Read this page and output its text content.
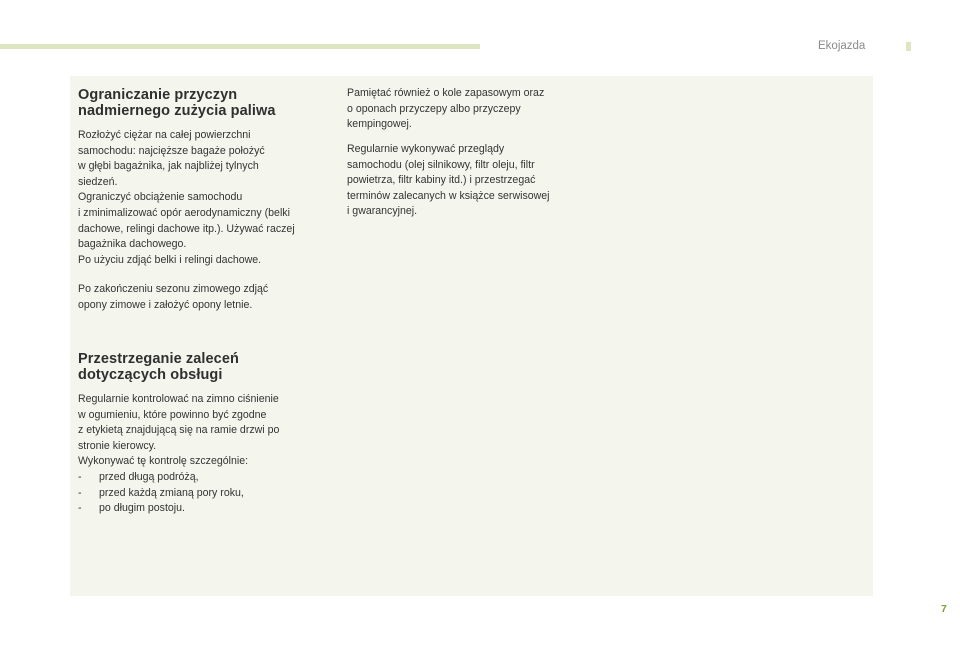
Ekojazda
Ograniczanie przyczyn
nadmiernego zużycia paliwa

Rozłożyć ciężar na całej powierzchni
samochodu: najcięższe bagaże położyć
w głębi bagażnika, jak najbliżej tylnych
siedzeń.
Ograniczyć obciążenie samochodu
i zminimalizować opór aerodynamiczny (belki
dachowe, relingi dachowe itp.). Używać raczej
bagażnika dachowego.
Po użyciu zdjąć belki i relingi dachowe.

Po zakończeniu sezonu zimowego zdjąć
opony zimowe i założyć opony letnie.

Przestrzeganie zaleceń
dotyczących obsługi

Regularnie kontrolować na zimno ciśnienie
w ogumieniu, które powinno być zgodne
z etykietą znajdującą się na ramie drzwi po
stronie kierowcy.
Wykonywać tę kontrolę szczególnie:

- przed długą podróżą,
- przed każdą zmianą pory roku,
- po długim postoju.

Pamiętać również o kole zapasowym oraz
o oponach przyczepy albo przyczepy
kempingowej.

Regularnie wykonywać przeglądy
samochodu (olej silnikowy, filtr oleju, filtr
powietrza, filtr kabiny itd.) i przestrzegać
terminów zalecanych w książce serwisowej
i gwarancyjnej.

7
